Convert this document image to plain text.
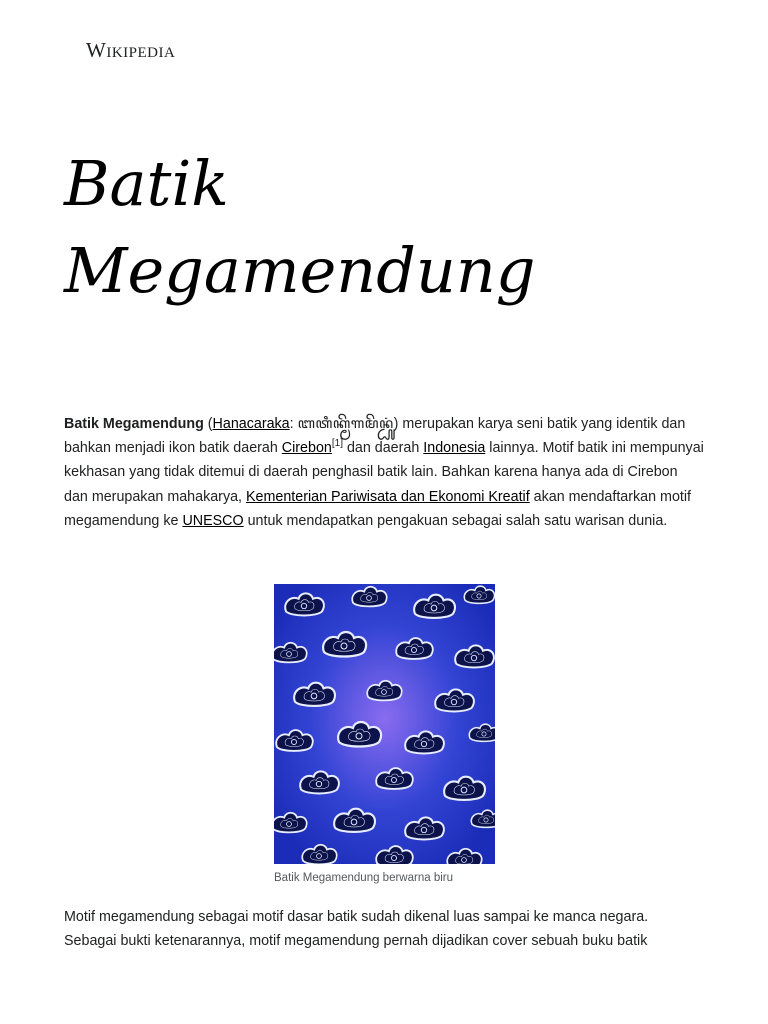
Wikipedia
Batik
Megamendung

Batik Megamendung (Hanacaraka: ꦧꦠꦶꦏ꧀ꦩꦼꦒꦩꦼꦤ꧀ꦝꦸꦁ) merupakan karya seni batik yang identik dan bahkan menjadi ikon batik daerah Cirebon[1] dan daerah Indonesia lainnya. Motif batik ini mempunyai kekhasan yang tidak ditemui di daerah penghasil batik lain. Bahkan karena hanya ada di Cirebon dan merupakan mahakarya, Kementerian Pariwisata dan Ekonomi Kreatif akan mendaftarkan motif megamendung ke UNESCO untuk mendapatkan pengakuan sebagai salah satu warisan dunia.

Batik Megamendung berwarna biru

Motif megamendung sebagai motif dasar batik sudah dikenal luas sampai ke manca negara. Sebagai bukti ketenarannya, motif megamendung pernah dijadikan cover sebuah buku batik
